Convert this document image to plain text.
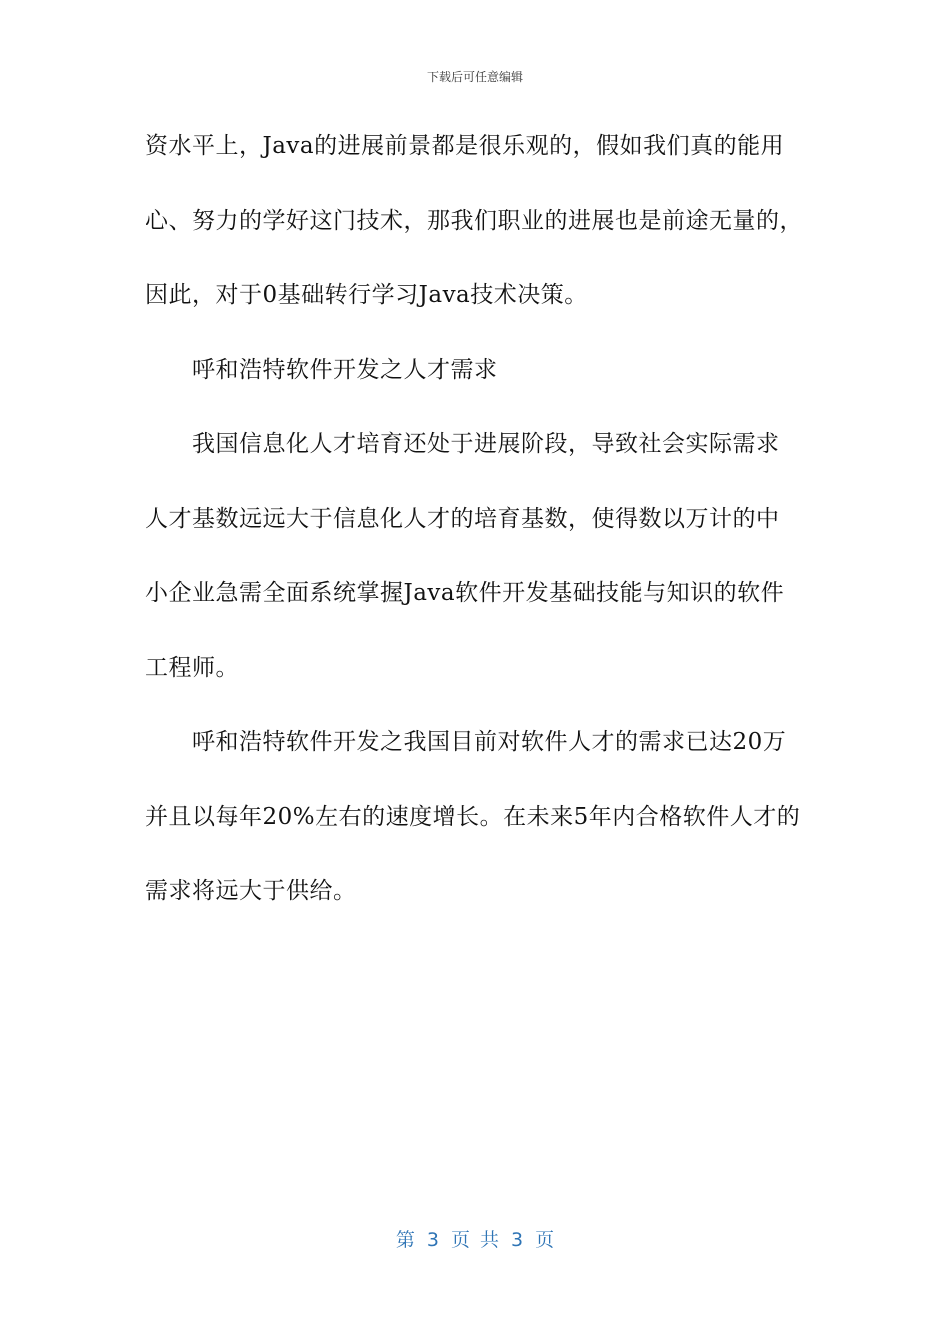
下载后可任意编辑
资水平上，Java的进展前景都是很乐观的，假如我们真的能用
心、努力的学好这门技术，那我们职业的进展也是前途无量的，
因此，对于0基础转行学习Java技术决策。
呼和浩特软件开发之人才需求
我国信息化人才培育还处于进展阶段，导致社会实际需求
人才基数远远大于信息化人才的培育基数，使得数以万计的中
小企业急需全面系统掌握Java软件开发基础技能与知识的软件
工程师。
呼和浩特软件开发之我国目前对软件人才的需求已达20万
并且以每年20%左右的速度增长。在未来5年内合格软件人才的
需求将远大于供给。
第 3 页 共 3 页
